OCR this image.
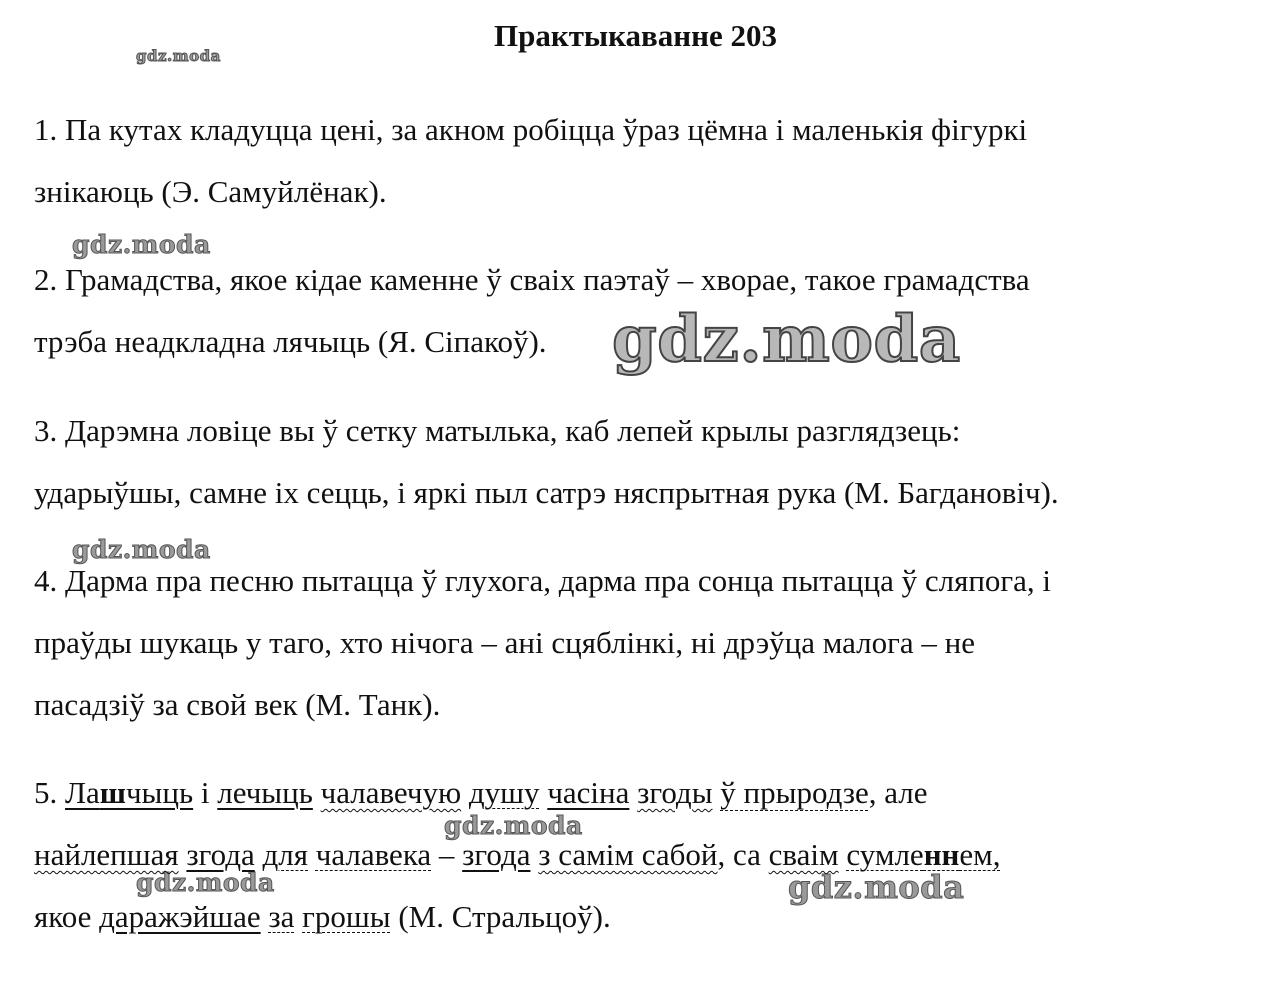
Практыкаванне 203
gdz.moda
gdz.moda
gdz.moda
gdz.moda
gdz.moda
gdz.moda	gdz.moda
1. Па кутах кладуцца цені, за акном робіцца ўраз цёмна і маленькія фігуркі
знікаюць (Э. Самуйлёнак).
2. Грамадства, якое кідае каменне ў сваіх паэтаў – хворае, такое грамадства
трэба неадкладна лячыць (Я. Сіпакоў).
3. Дарэмна ловіце вы ў сетку матылька, каб лепей крылы разглядзець:
ударыўшы, самне іх сецць, і яркі пыл сатрэ няспрытная рука (М. Багдановіч).
4. Дарма пра песню пытацца ў глухога, дарма пра сонца пытацца ў сляпога, і
праўды шукаць у таго, хто нічога – ані сцяблінкі, ні дрэўца малога – не
пасадзіў за свой век (М. Танк).
5. Лашчыць і лечыць чалавечую душу часіна згоды ў прыродзе, але
найлепшая згода для чалавека – згода з самім сабой, са сваім сумленнем,
якое даражэйшае за грошы (М. Стральцоў).
